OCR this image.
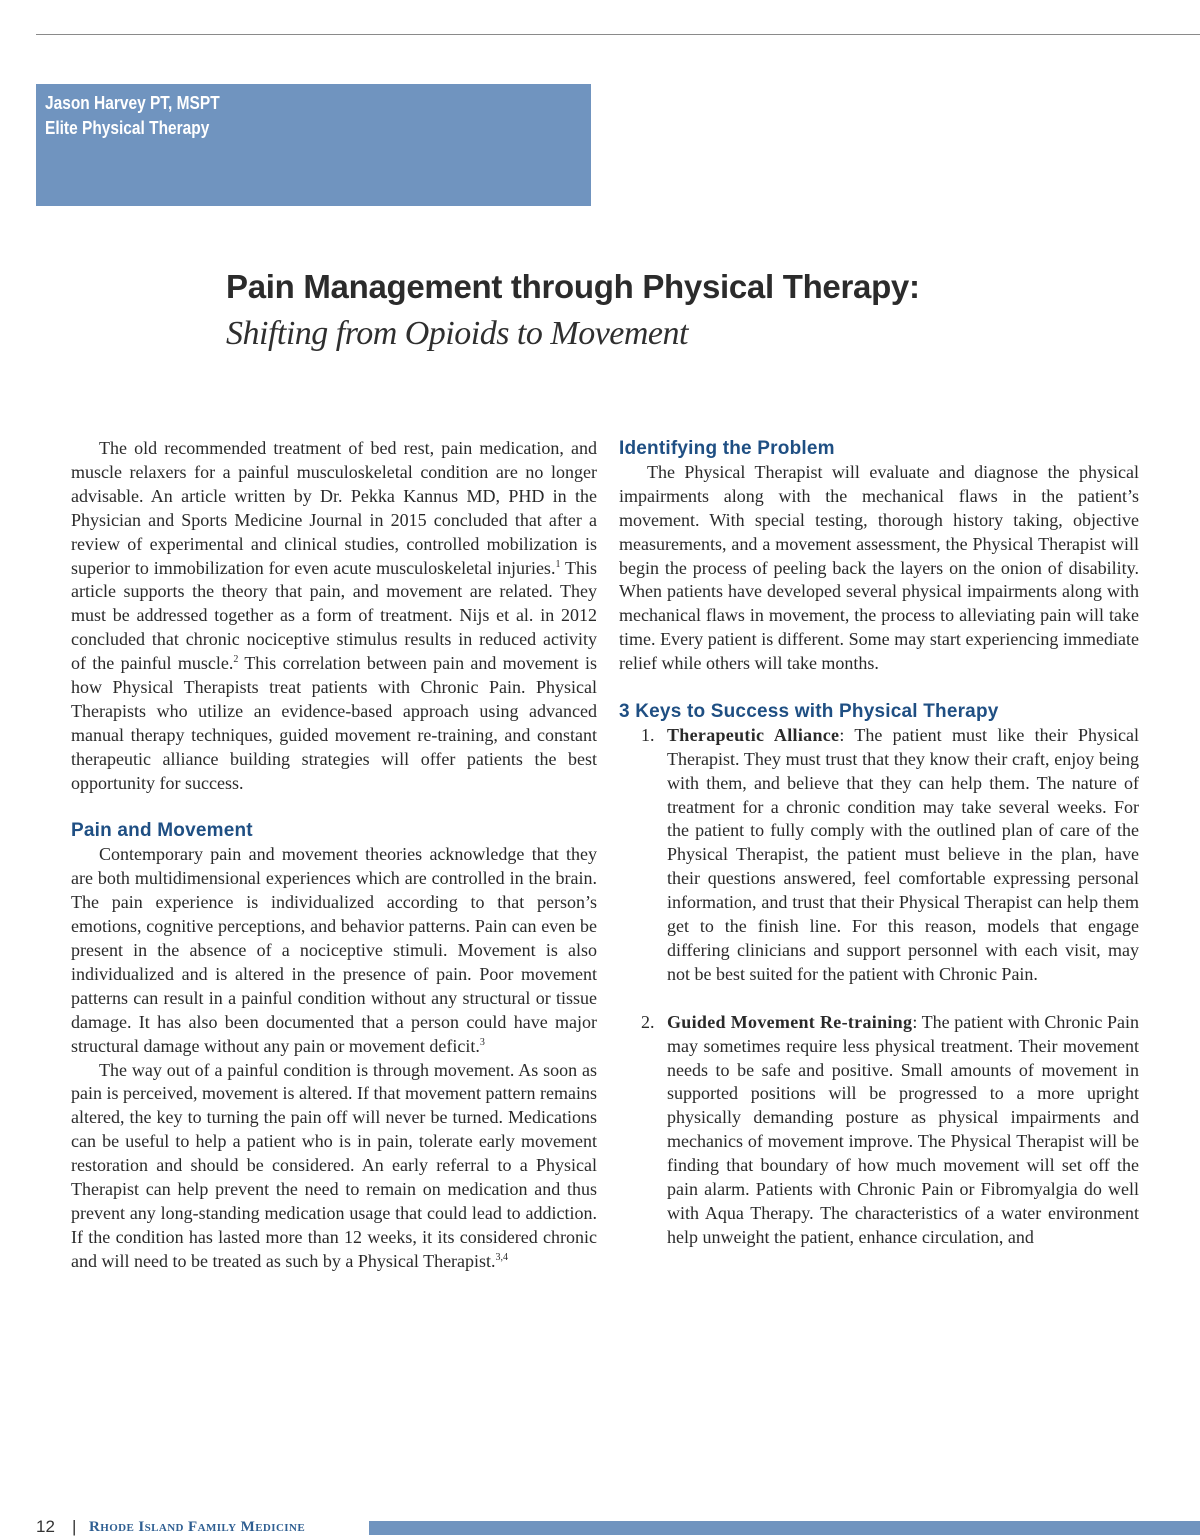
Jason Harvey PT, MSPT
Elite Physical Therapy
Pain Management through Physical Therapy:
Shifting from Opioids to Movement

The old recommended treatment of bed rest, pain medication, and muscle relaxers for a painful musculoskeletal condition are no longer advisable. An article written by Dr. Pekka Kannus MD, PHD in the Physician and Sports Medicine Journal in 2015 concluded that after a review of experimental and clinical studies, controlled mobilization is superior to immobilization for even acute musculoskeletal injuries.$^1$ This article supports the theory that pain, and movement are related. They must be addressed together as a form of treatment. Nijs et al. in 2012 concluded that chronic nociceptive stimulus results in reduced activity of the painful muscle.$^2$ This correlation between pain and movement is how Physical Therapists treat patients with Chronic Pain. Physical Therapists who utilize an evidence-based approach using advanced manual therapy techniques, guided movement re-training, and constant therapeutic alliance building strategies will offer patients the best opportunity for success.

Pain and Movement

Contemporary pain and movement theories acknowledge that they are both multidimensional experiences which are controlled in the brain. The pain experience is individualized according to that person’s emotions, cognitive perceptions, and behavior patterns. Pain can even be present in the absence of a nociceptive stimuli. Movement is also individualized and is altered in the presence of pain. Poor movement patterns can result in a painful condition without any structural or tissue damage. It has also been documented that a person could have major structural damage without any pain or movement deficit.$^3$

The way out of a painful condition is through movement. As soon as pain is perceived, movement is altered. If that movement pattern remains altered, the key to turning the pain off will never be turned. Medications can be useful to help a patient who is in pain, tolerate early movement restoration and should be considered. An early referral to a Physical Therapist can help prevent the need to remain on medication and thus prevent any long-standing medication usage that could lead to addiction. If the condition has lasted more than 12 weeks, it its considered chronic and will need to be treated as such by a Physical Therapist.$^{3,4}$

Identifying the Problem

The Physical Therapist will evaluate and diagnose the physical impairments along with the mechanical flaws in the patient’s movement. With special testing, thorough history taking, objective measurements, and a movement assessment, the Physical Therapist will begin the process of peeling back the layers on the onion of disability. When patients have developed several physical impairments along with mechanical flaws in movement, the process to alleviating pain will take time. Every patient is different. Some may start experiencing immediate relief while others will take months.

3 Keys to Success with Physical Therapy

1. Therapeutic Alliance: The patient must like their Physical Therapist. They must trust that they know their craft, enjoy being with them, and believe that they can help them. The nature of treatment for a chronic condition may take several weeks. For the patient to fully comply with the outlined plan of care of the Physical Therapist, the patient must believe in the plan, have their questions answered, feel comfortable expressing personal information, and trust that their Physical Therapist can help them get to the finish line. For this reason, models that engage differing clinicians and support personnel with each visit, may not be best suited for the patient with Chronic Pain.

2. Guided Movement Re-training: The patient with Chronic Pain may sometimes require less physical treatment. Their movement needs to be safe and positive. Small amounts of movement in supported positions will be progressed to a more upright physically demanding posture as physical impairments and mechanics of movement improve. The Physical Therapist will be finding that boundary of how much movement will set off the pain alarm. Patients with Chronic Pain or Fibromyalgia do well with Aqua Therapy. The characteristics of a water environment help unweight the patient, enhance circulation, and

12 | Rhode Island Family Medicine
